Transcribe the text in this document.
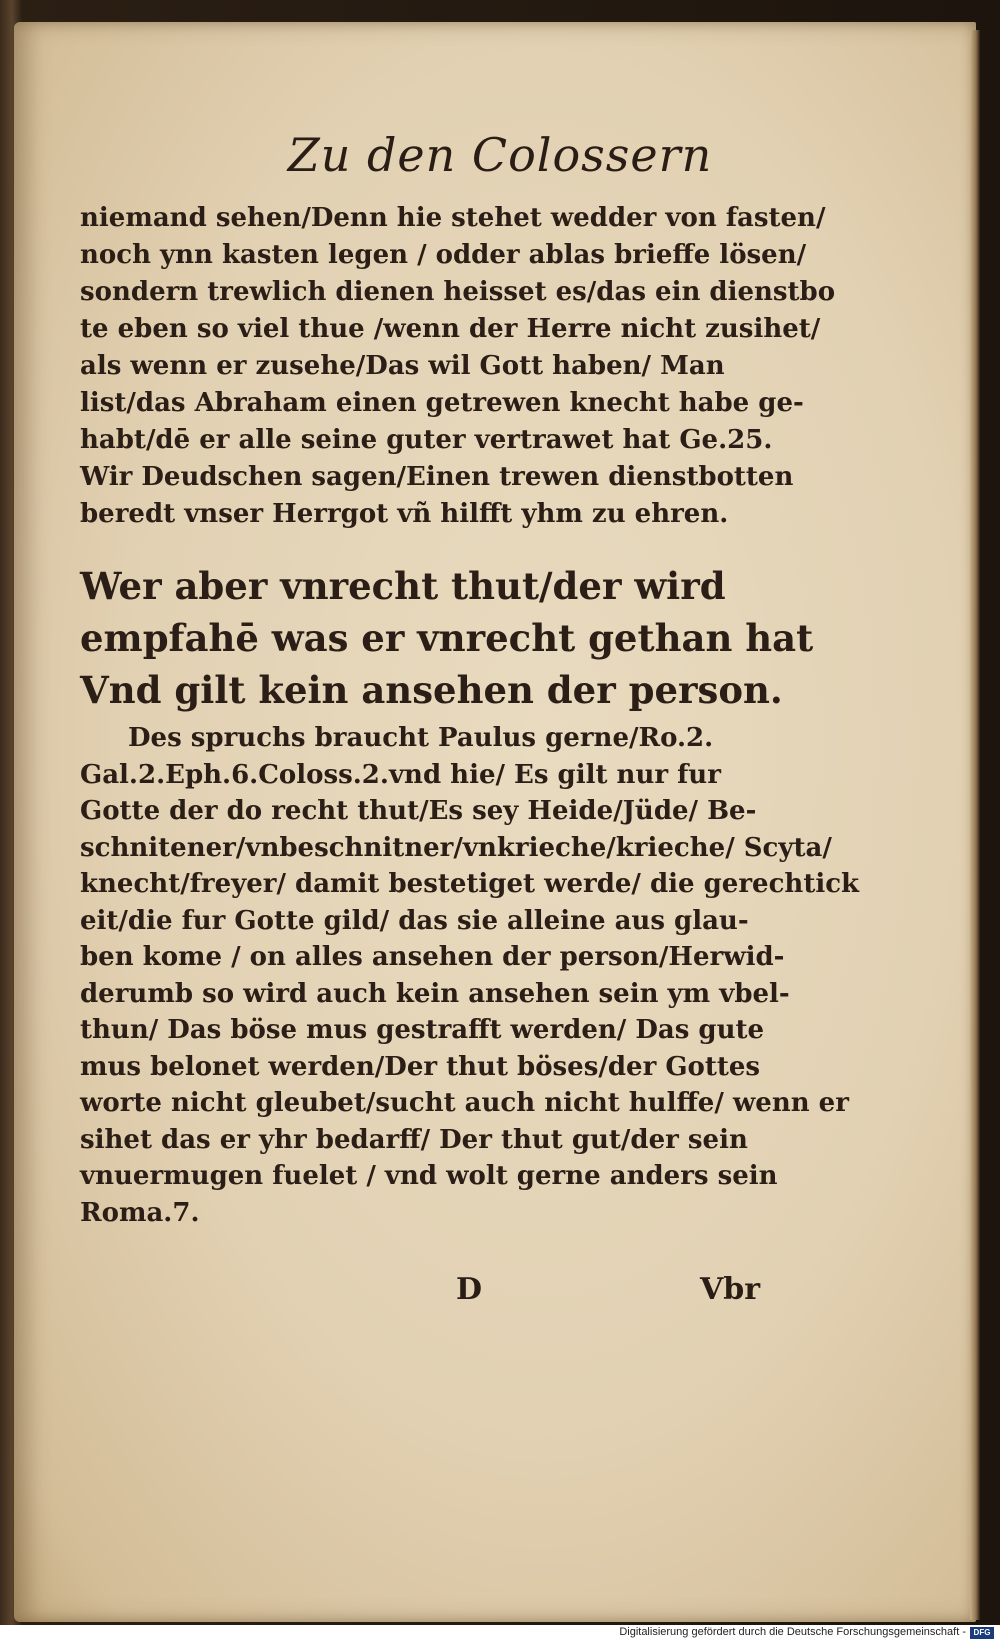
Zu den Colossern
niemand sehen/Denn hie stehet wedder von fasten/
noch ynn kasten legen / odder ablas brieffe lösen/
sondern trewlich dienen heisset es/das ein dienstbo
te eben so viel thue /wenn der Herre nicht zusihet/
als wenn er zusehe/Das wil Gott haben/ Man
list/das Abraham einen getrewen knecht habe ge-
habt/dē er alle seine guter vertrawet hat Ge.25.
Wir Deudschen sagen/Einen trewen dienstbotten
beredt vnser Herrgot vñ hilfft yhm zu ehren.
Wer aber vnrecht thut/der wird
empfahē was er vnrecht gethan hat
Vnd gilt kein ansehen der person.
Des spruchs braucht Paulus gerne/Ro.2.
Gal.2.Eph.6.Coloss.2.vnd hie/ Es gilt nur fur
Gotte der do recht thut/Es sey Heide/Jüde/ Be-
schnitener/vnbeschnitner/vnkrieche/krieche/ Scyta/
knecht/freyer/ damit bestetiget werde/ die gerechtick
eit/die fur Gotte gild/ das sie alleine aus glau-
ben kome / on alles ansehen der person/Herwid-
derumb so wird auch kein ansehen sein ym vbel-
thun/ Das böse mus gestrafft werden/ Das gute
mus belonet werden/Der thut böses/der Gottes
worte nicht gleubet/sucht auch nicht hulffe/ wenn er
sihet das er yhr bedarff/ Der thut gut/der sein
vnuermugen fuelet / vnd wolt gerne anders sein
Roma.7.
D	Vbr
Digitalisierung gefördert durch die Deutsche Forschungsgemeinschaft - DFG
